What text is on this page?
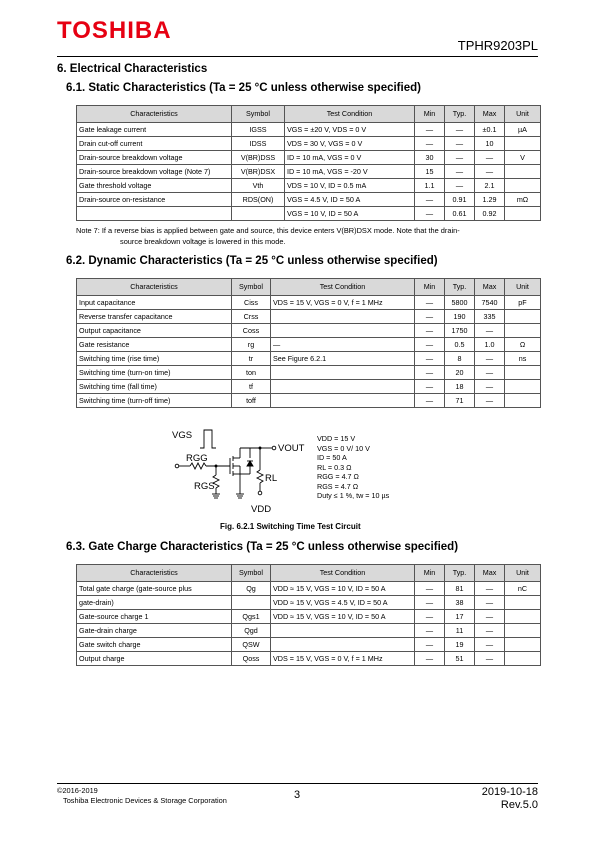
TOSHIBA
TPHR9203PL
6. Electrical Characteristics
6.1. Static Characteristics (Ta = 25 °C unless otherwise specified)
Characteristics	Symbol	Test Condition	Min	Typ.	Max	Unit
Gate leakage current	IGSS	VGS = ±20 V, VDS = 0 V	—	—	±0.1	µA
Drain cut-off current	IDSS	VDS = 30 V, VGS = 0 V	—	—	10	
Drain-source breakdown voltage	V(BR)DSS	ID = 10 mA, VGS = 0 V	30	—	—	V
Drain-source breakdown voltage (Note 7)	V(BR)DSX	ID = 10 mA, VGS = -20 V	15	—	—	
Gate threshold voltage	Vth	VDS = 10 V, ID = 0.5 mA	1.1	—	2.1	
Drain-source on-resistance	RDS(ON)	VGS = 4.5 V, ID = 50 A	—	0.91	1.29	mΩ
		VGS = 10 V, ID = 50 A	—	0.61	0.92	
Note 7: If a reverse bias is applied between gate and source, this device enters V(BR)DSX mode. Note that the drain-
source breakdown voltage is lowered in this mode.
6.2. Dynamic Characteristics (Ta = 25 °C unless otherwise specified)
Characteristics	Symbol	Test Condition	Min	Typ.	Max	Unit
Input capacitance	Ciss	VDS = 15 V, VGS = 0 V, f = 1 MHz	—	5800	7540	pF
Reverse transfer capacitance	Crss		—	190	335	
Output capacitance	Coss		—	1750	—	
Gate resistance	rg	—	—	0.5	1.0	Ω
Switching time (rise time)	tr	See Figure 6.2.1	—	8	—	ns
Switching time (turn-on time)	ton		—	20	—	
Switching time (fall time)	tf		—	18	—	
Switching time (turn-off time)	toff		—	71	—	
VGS
RGG
RGS
VOUT
RL
VDD
VDD = 15 V
VGS = 0 V/ 10 V
ID = 50 A
RL = 0.3 Ω
RGG = 4.7 Ω
RGS = 4.7 Ω
Duty ≤ 1 %, tw = 10 µs
Fig. 6.2.1 Switching Time Test Circuit
6.3. Gate Charge Characteristics (Ta = 25 °C unless otherwise specified)
Characteristics	Symbol	Test Condition	Min	Typ.	Max	Unit
Total gate charge (gate-source plus	Qg	VDD ≈ 15 V, VGS = 10 V, ID = 50 A	—	81	—	nC
gate-drain)		VDD ≈ 15 V, VGS = 4.5 V, ID = 50 A	—	38	—	
Gate-source charge 1	Qgs1	VDD ≈ 15 V, VGS = 10 V, ID = 50 A	—	17	—	
Gate-drain charge	Qgd		—	11	—	
Gate switch charge	QSW		—	19	—	
Output charge	Qoss	VDS = 15 V, VGS = 0 V, f = 1 MHz	—	51	—	
©2016-2019
Toshiba Electronic Devices & Storage Corporation	3	2019-10-18
Rev.5.0
